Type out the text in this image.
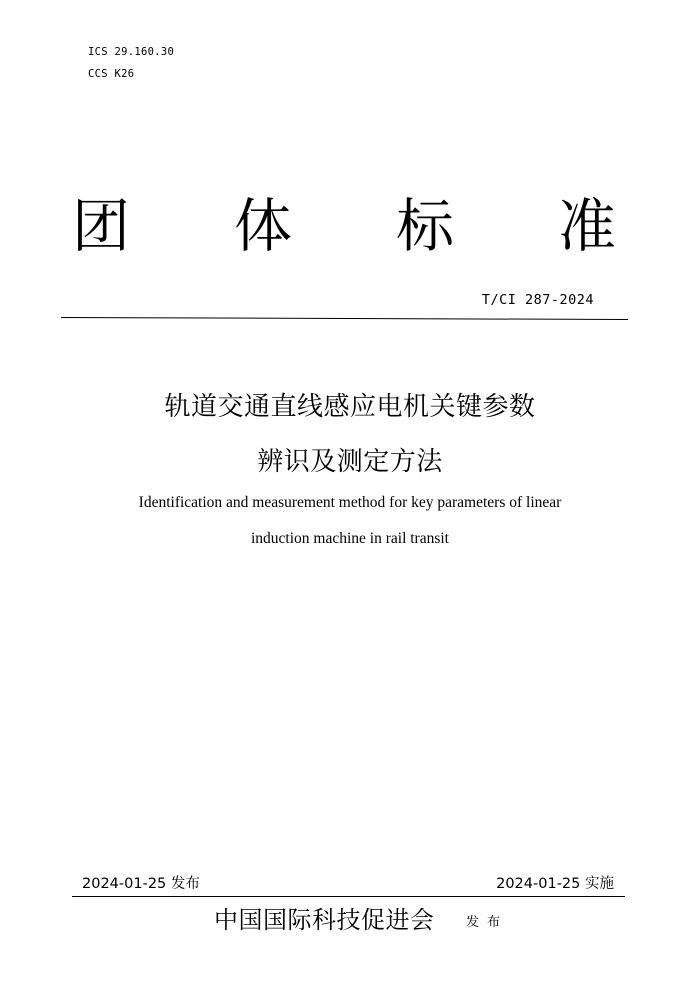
ICS 29.160.30
CCS K26
团 体 标 准
T/CI 287-2024
轨道交通直线感应电机关键参数
辨识及测定方法
Identification and measurement method for key parameters of linear
induction machine in rail transit
2024-01-25 发布	2024-01-25 实施
中国国际科技促进会 发布
